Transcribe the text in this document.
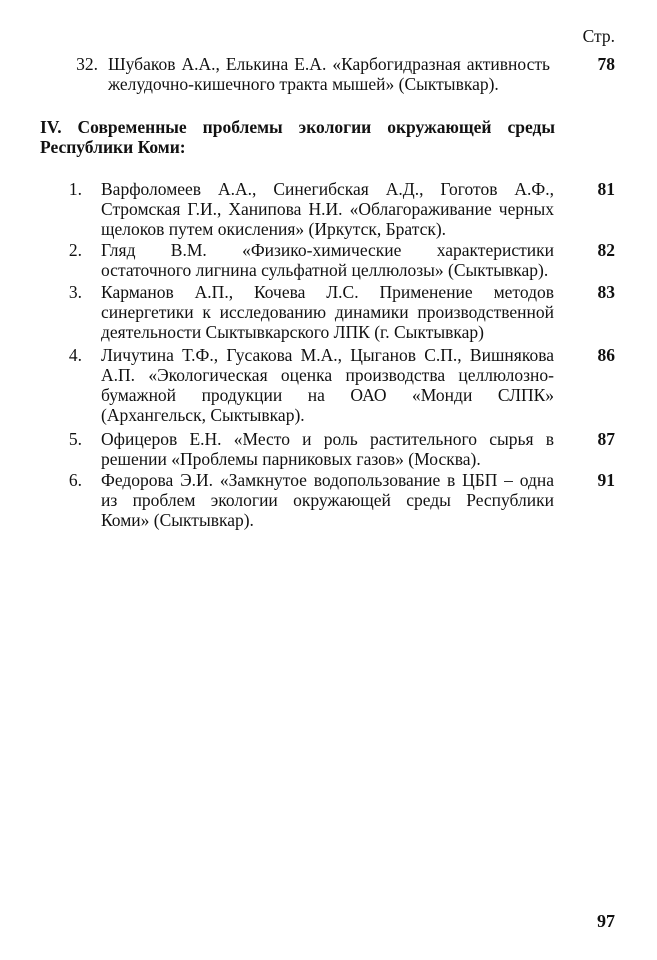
Стр.
32. Шубаков А.А., Елькина Е.А. «Карбогидразная активность
желудочно-кишечного тракта мышей» (Сыктывкар).
78
IV. Современные проблемы экологии окружающей среды
Республики Коми:
1. Варфоломеев А.А., Синегибская А.Д., Гоготов А.Ф.,
Стромская Г.И., Ханипова Н.И. «Облагораживание черных
щелоков путем окисления» (Иркутск, Братск).
81
2. Гляд В.М. «Физико-химические характеристики
остаточного лигнина сульфатной целлюлозы» (Сыктывкар).
82
3. Карманов А.П., Кочева Л.С. Применение методов
синергетики к исследованию динамики производственной
деятельности Сыктывкарского ЛПК (г. Сыктывкар)
83
4. Личутина Т.Ф., Гусакова М.А., Цыганов С.П., Вишнякова
А.П. «Экологическая оценка производства целлюлозно-
бумажной продукции на ОАО «Монди СЛПК»
(Архангельск, Сыктывкар).
86
5. Офицеров Е.Н. «Место и роль растительного сырья в
решении «Проблемы парниковых газов» (Москва).
87
6. Федорова Э.И. «Замкнутое водопользование в ЦБП – одна
из проблем экологии окружающей среды Республики
Коми» (Сыктывкар).
91
97
